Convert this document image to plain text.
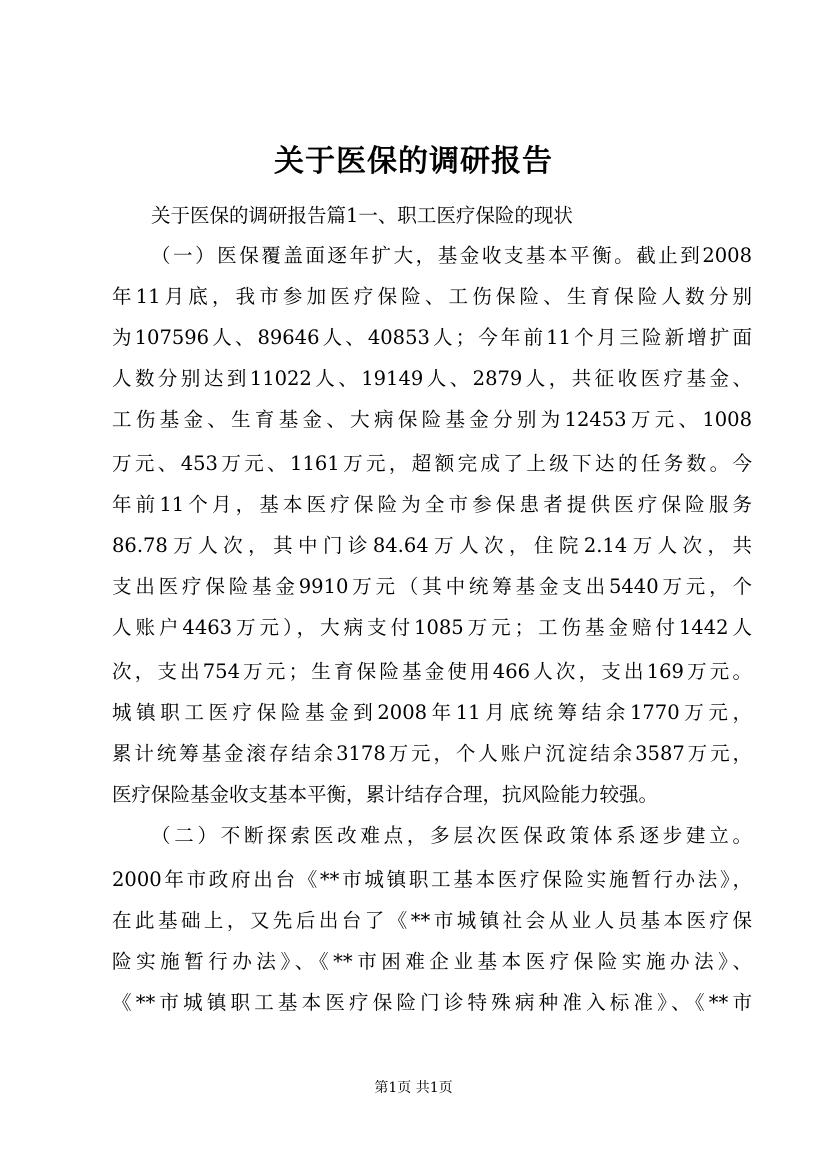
关于医保的调研报告
关于医保的调研报告篇1一、职工医疗保险的现状
（一）医保覆盖面逐年扩大，基金收支基本平衡。截止到2008
年11月底，我市参加医疗保险、工伤保险、生育保险人数分别
为107596人、89646人、40853人；今年前11个月三险新增扩面
人数分别达到11022人、19149人、2879人，共征收医疗基金、
工伤基金、生育基金、大病保险基金分别为12453万元、1008
万元、453万元、1161万元，超额完成了上级下达的任务数。今
年前11个月，基本医疗保险为全市参保患者提供医疗保险服务
86.78万人次，其中门诊84.64万人次，住院2.14万人次，共
支出医疗保险基金9910万元（其中统筹基金支出5440万元，个
人账户4463万元），大病支付1085万元；工伤基金赔付1442人
次，支出754万元；生育保险基金使用466人次，支出169万元。
城镇职工医疗保险基金到2008年11月底统筹结余1770万元，
累计统筹基金滚存结余3178万元，个人账户沉淀结余3587万元，
医疗保险基金收支基本平衡，累计结存合理，抗风险能力较强。
（二）不断探索医改难点，多层次医保政策体系逐步建立。
2000年市政府出台《**市城镇职工基本医疗保险实施暂行办法》，
在此基础上，又先后出台了《**市城镇社会从业人员基本医疗保
险实施暂行办法》、《**市困难企业基本医疗保险实施办法》、
《**市城镇职工基本医疗保险门诊特殊病种准入标准》、《**市
第1页 共1页
